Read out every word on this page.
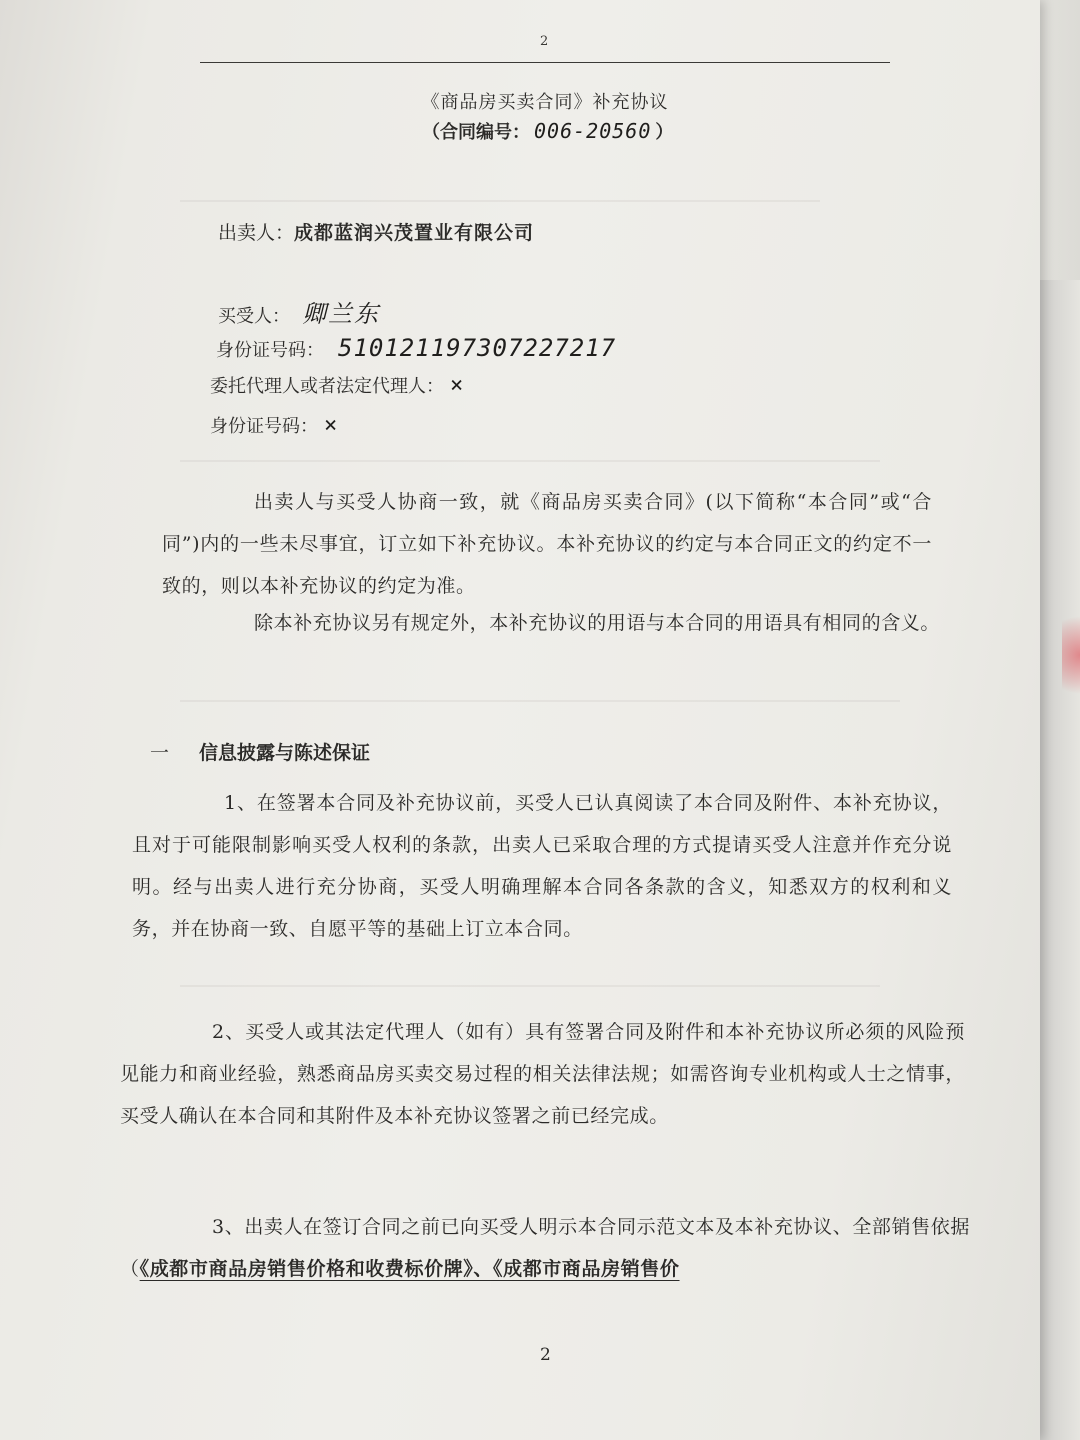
2
《商品房买卖合同》补充协议
（合同编号： 006-20560 ）
出卖人：成都蓝润兴茂置业有限公司
买受人： 卿兰东
身份证号码： 510121197307227217
委托代理人或者法定代理人： ×
身份证号码： ×
出卖人与买受人协商一致，就《商品房买卖合同》(以下简称“本合同”或“合同”)内的一些未尽事宜，订立如下补充协议。本补充协议的约定与本合同正文的约定不一致的，则以本补充协议的约定为准。
除本补充协议另有规定外，本补充协议的用语与本合同的用语具有相同的含义。
一 信息披露与陈述保证
1、在签署本合同及补充协议前，买受人已认真阅读了本合同及附件、本补充协议，且对于可能限制影响买受人权利的条款，出卖人已采取合理的方式提请买受人注意并作充分说明。经与出卖人进行充分协商，买受人明确理解本合同各条款的含义，知悉双方的权利和义务，并在协商一致、自愿平等的基础上订立本合同。
2、买受人或其法定代理人（如有）具有签署合同及附件和本补充协议所必须的风险预见能力和商业经验，熟悉商品房买卖交易过程的相关法律法规；如需咨询专业机构或人士之情事，买受人确认在本合同和其附件及本补充协议签署之前已经完成。
3、出卖人在签订合同之前已向买受人明示本合同示范文本及本补充协议、全部销售依据（《成都市商品房销售价格和收费标价牌》、《成都市商品房销售价
2
